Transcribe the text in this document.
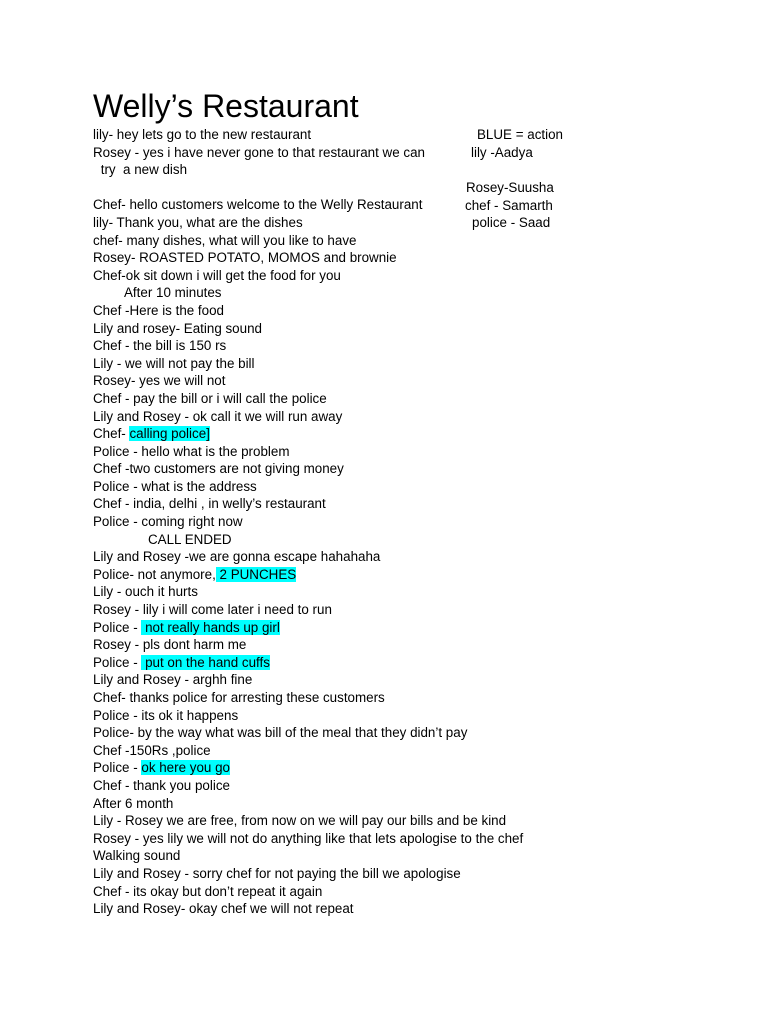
Welly’s Restaurant
lily- hey lets go to the new restaurant
Rosey - yes i have never gone to that restaurant we can
try  a new dish
Chef- hello customers welcome to the Welly Restaurant
lily- Thank you, what are the dishes
chef- many dishes, what will you like to have
Rosey- ROASTED POTATO, MOMOS and brownie
Chef-ok sit down i will get the food for you
After 10 minutes
Chef -Here is the food
Lily and rosey- Eating sound
Chef - the bill is 150 rs
Lily - we will not pay the bill
Rosey- yes we will not
Chef - pay the bill or i will call the police
Lily and Rosey - ok call it we will run away
Chef- calling police]
Police - hello what is the problem
Chef -two customers are not giving money
Police - what is the address
Chef - india, delhi , in welly’s restaurant
Police - coming right now
CALL ENDED
Lily and Rosey -we are gonna escape hahahaha
Police- not anymore, 2 PUNCHES
Lily - ouch it hurts
Rosey - lily i will come later i need to run
Police -  not really hands up girl
Rosey - pls dont harm me
Police -  put on the hand cuffs
Lily and Rosey - arghh fine
Chef- thanks police for arresting these customers
Police - its ok it happens
Police- by the way what was bill of the meal that they didn’t pay
Chef -150Rs ,police
Police - ok here you go
Chef - thank you police
After 6 month
Lily - Rosey we are free, from now on we will pay our bills and be kind
Rosey - yes lily we will not do anything like that lets apologise to the chef
Walking sound
Lily and Rosey - sorry chef for not paying the bill we apologise
Chef - its okay but don’t repeat it again
Lily and Rosey- okay chef we will not repeat
BLUE = action
lily -Aadya
Rosey-Suusha
chef - Samarth
police - Saad
